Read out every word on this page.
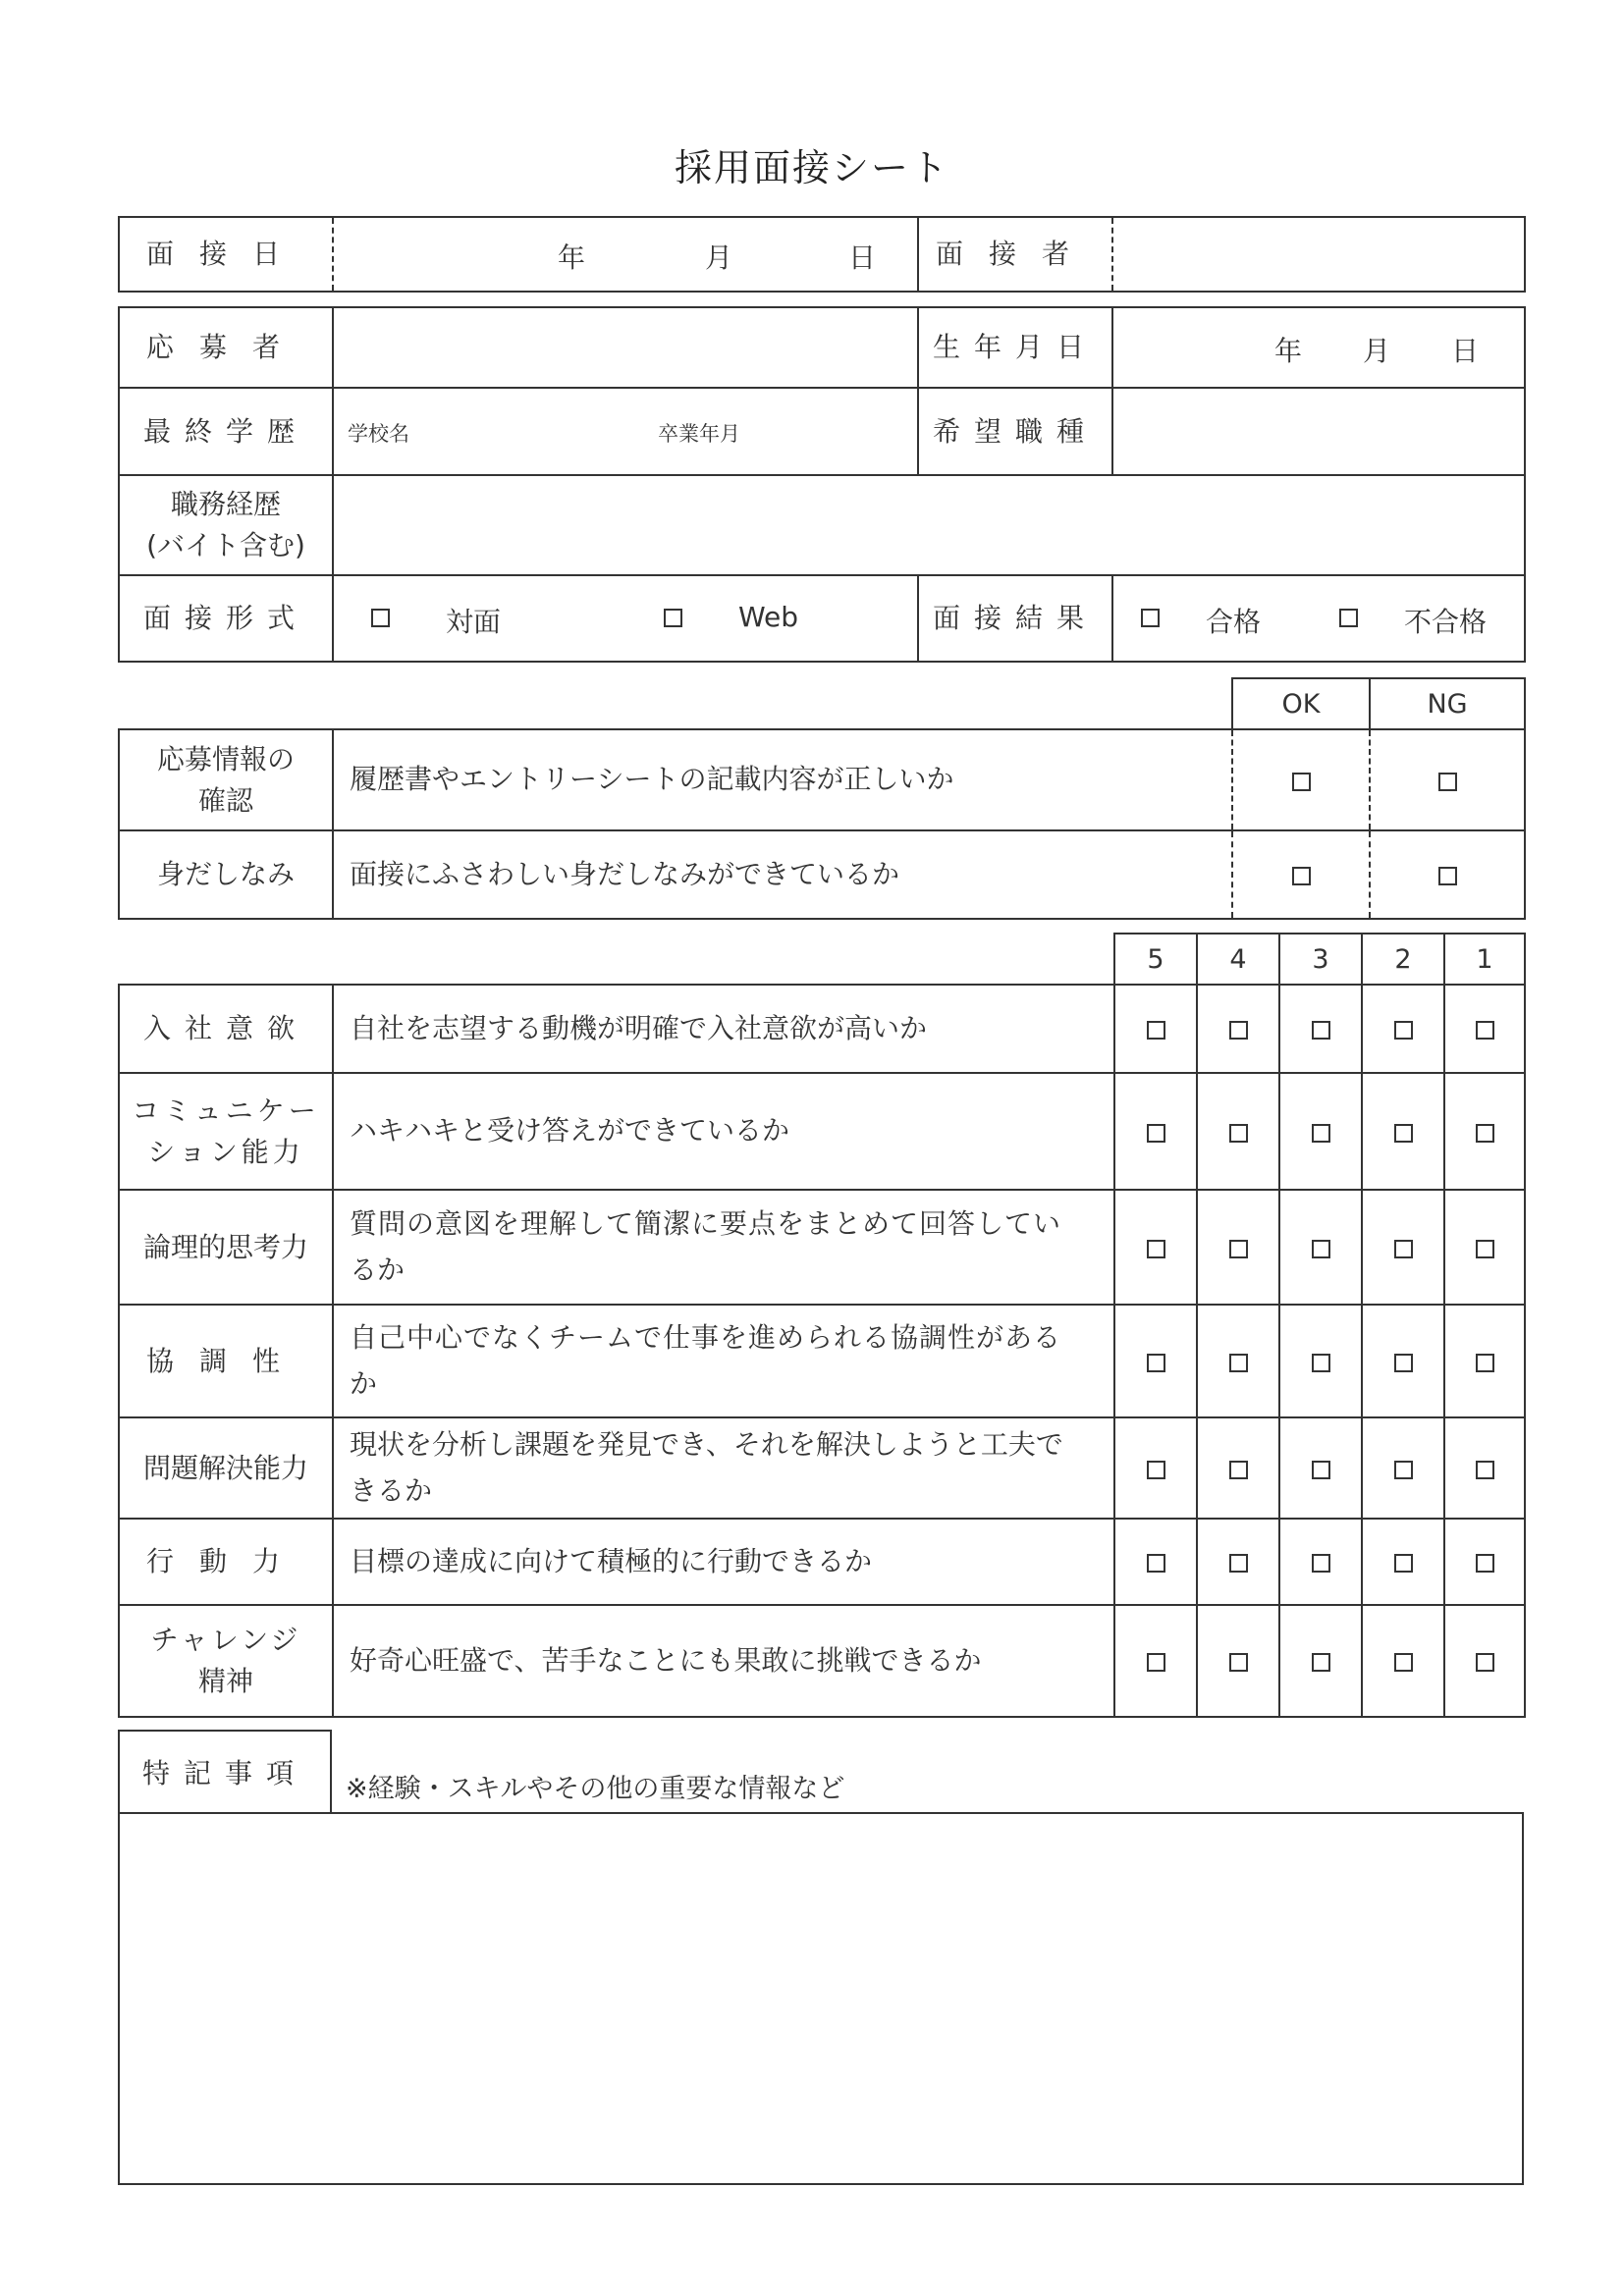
採用面接シート
面接日	年	月	日	面接者	
応募者		生年月日	年 月 日

最終学歴	学校名 卒業年月	希望職種	

職務経歴
(バイト含む)			

面接形式	対面 Web	面接結果	合格 不合格
		OK	NG

応募情報の
確認	履歴書やエントリーシートの記載内容が正しいか		
身だしなみ	面接にふさわしい身だしなみができているか		
		5	4	3	2	1
入社意欲	自社を志望する動機が明確で入社意欲が高いか					

コミュニケー
ション能力	ハキハキと受け答えができているか					

論理的思考力	質問の意図を理解して簡潔に要点をまとめて回答してい
るか					

協調性	自己中心でなくチームで仕事を進められる協調性がある
か					

問題解決能力	現状を分析し課題を発見でき、それを解決しようと工夫で
きるか					

行動力	目標の達成に向けて積極的に行動できるか					

チャレンジ
精神	好奇心旺盛で、苦手なことにも果敢に挑戦できるか					

特記事項 ※経験・スキルやその他の重要な情報など
